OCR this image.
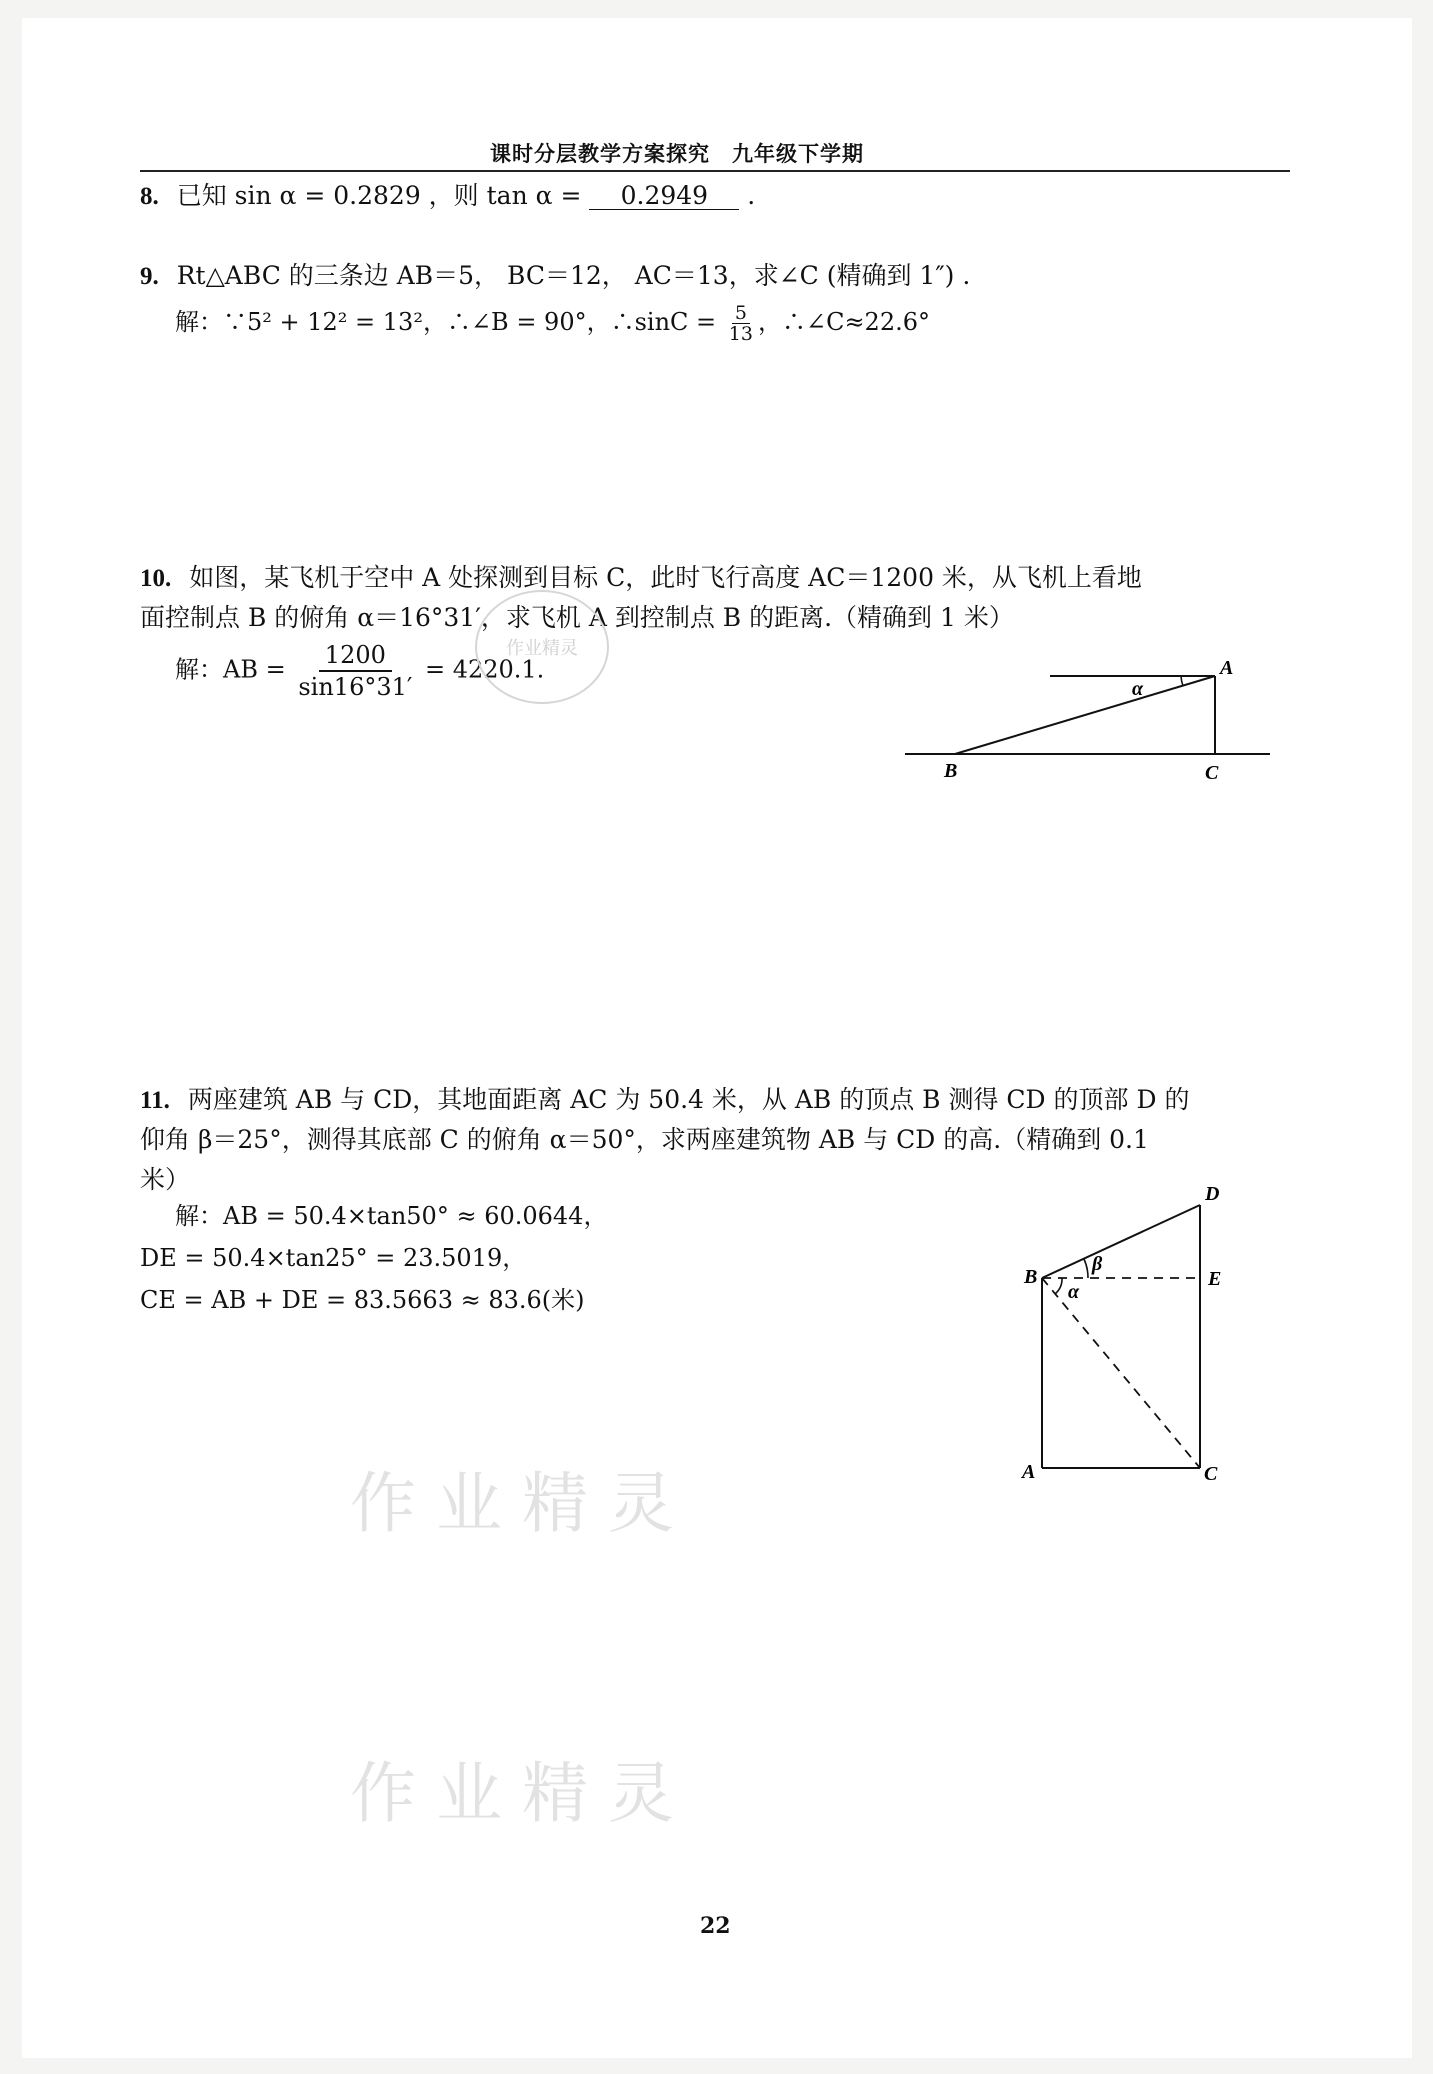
课时分层教学方案探究　九年级下学期
8. 已知 sin α = 0.2829 ，则 tan α = 0.2949 .
9. Rt△ABC 的三条边 AB＝5， BC＝12， AC＝13，求∠C (精确到 1″) .
解：∵5² + 12² = 13²，∴∠B = 90°，∴sinC = $\frac{5}{13}$ ，∴∠C≈22.6°
10. 如图，某飞机于空中 A 处探测到目标 C，此时飞行高度 AC＝1200 米，从飞机上看地
面控制点 B 的俯角 α＝16°31′，求飞机 A 到控制点 B 的距离.（精确到 1 米）
解：AB = $\frac{1200}{\sin 16^\circ 31'} = 4220.1$.	A
B	C
α
11. 两座建筑 AB 与 CD，其地面距离 AC 为 50.4 米，从 AB 的顶点 B 测得 CD 的顶部 D 的
仰角 β＝25°，测得其底部 C 的俯角 α＝50°，求两座建筑物 AB 与 CD 的高.（精确到 0.1
米）
解：AB = 50.4×tan50° ≈ 60.0644，
DE = 50.4×tan25° = 23.5019，
CE = AB + DE = 83.5663 ≈ 83.6(米)
D
B	E
A	C
β
α
作业精灵
作业精灵
作业精灵
22
